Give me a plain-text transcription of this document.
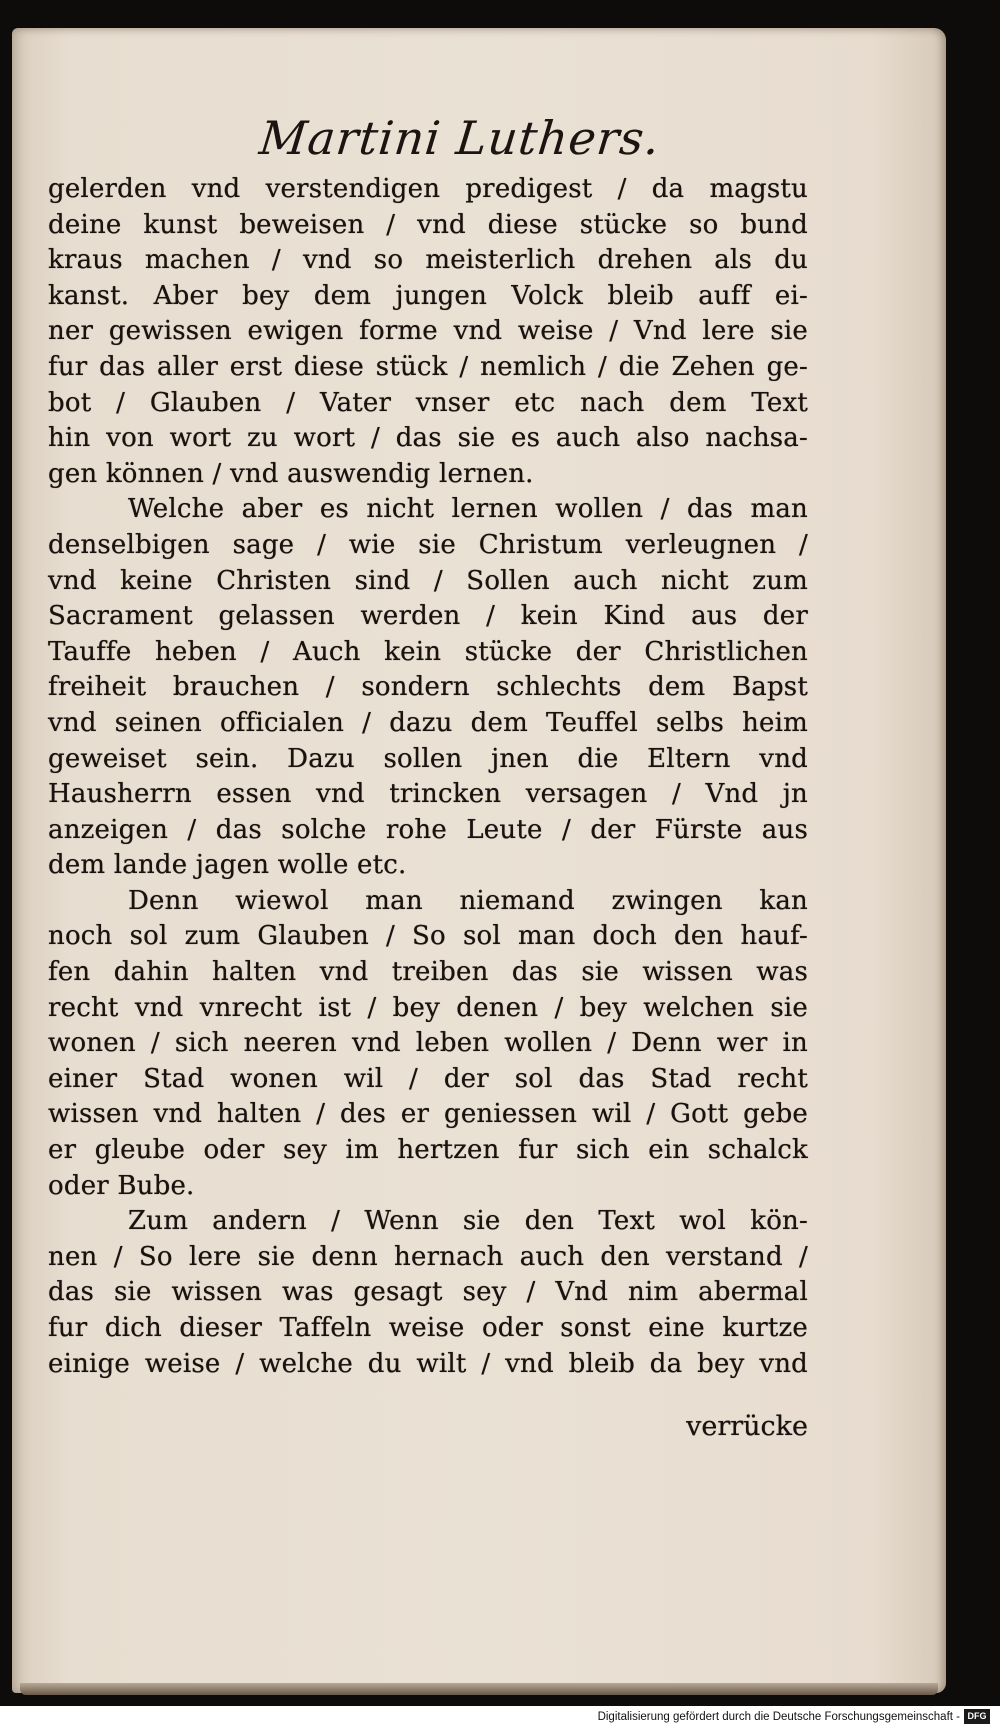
Martini Luthers.
gelerden vnd verstendigen predigest / da magstu
deine kunst beweisen / vnd diese stücke so bund
kraus machen / vnd so meisterlich drehen als du
kanst. Aber bey dem jungen Volck bleib auff ei-
ner gewissen ewigen forme vnd weise / Vnd lere sie
fur das aller erst diese stück / nemlich / die Zehen ge-
bot / Glauben / Vater vnser etc nach dem Text
hin von wort zu wort / das sie es auch also nachsa-
gen können / vnd auswendig lernen.
Welche aber es nicht lernen wollen / das man
denselbigen sage / wie sie Christum verleugnen /
vnd keine Christen sind / Sollen auch nicht zum
Sacrament gelassen werden / kein Kind aus der
Tauffe heben / Auch kein stücke der Christlichen
freiheit brauchen / sondern schlechts dem Bapst
vnd seinen officialen / dazu dem Teuffel selbs heim
geweiset sein. Dazu sollen jnen die Eltern vnd
Hausherrn essen vnd trincken versagen / Vnd jn
anzeigen / das solche rohe Leute / der Fürste aus
dem lande jagen wolle etc.
Denn wiewol man niemand zwingen kan
noch sol zum Glauben / So sol man doch den hauf-
fen dahin halten vnd treiben das sie wissen was
recht vnd vnrecht ist / bey denen / bey welchen sie
wonen / sich neeren vnd leben wollen / Denn wer in
einer Stad wonen wil / der sol das Stad recht
wissen vnd halten / des er geniessen wil / Gott gebe
er gleube oder sey im hertzen fur sich ein schalck
oder Bube.
Zum andern / Wenn sie den Text wol kön-
nen / So lere sie denn hernach auch den verstand /
das sie wissen was gesagt sey / Vnd nim abermal
fur dich dieser Taffeln weise oder sonst eine kurtze
einige weise / welche du wilt / vnd bleib da bey vnd
verrücke
Digitalisierung gefördert durch die Deutsche Forschungsgemeinschaft - DFG
